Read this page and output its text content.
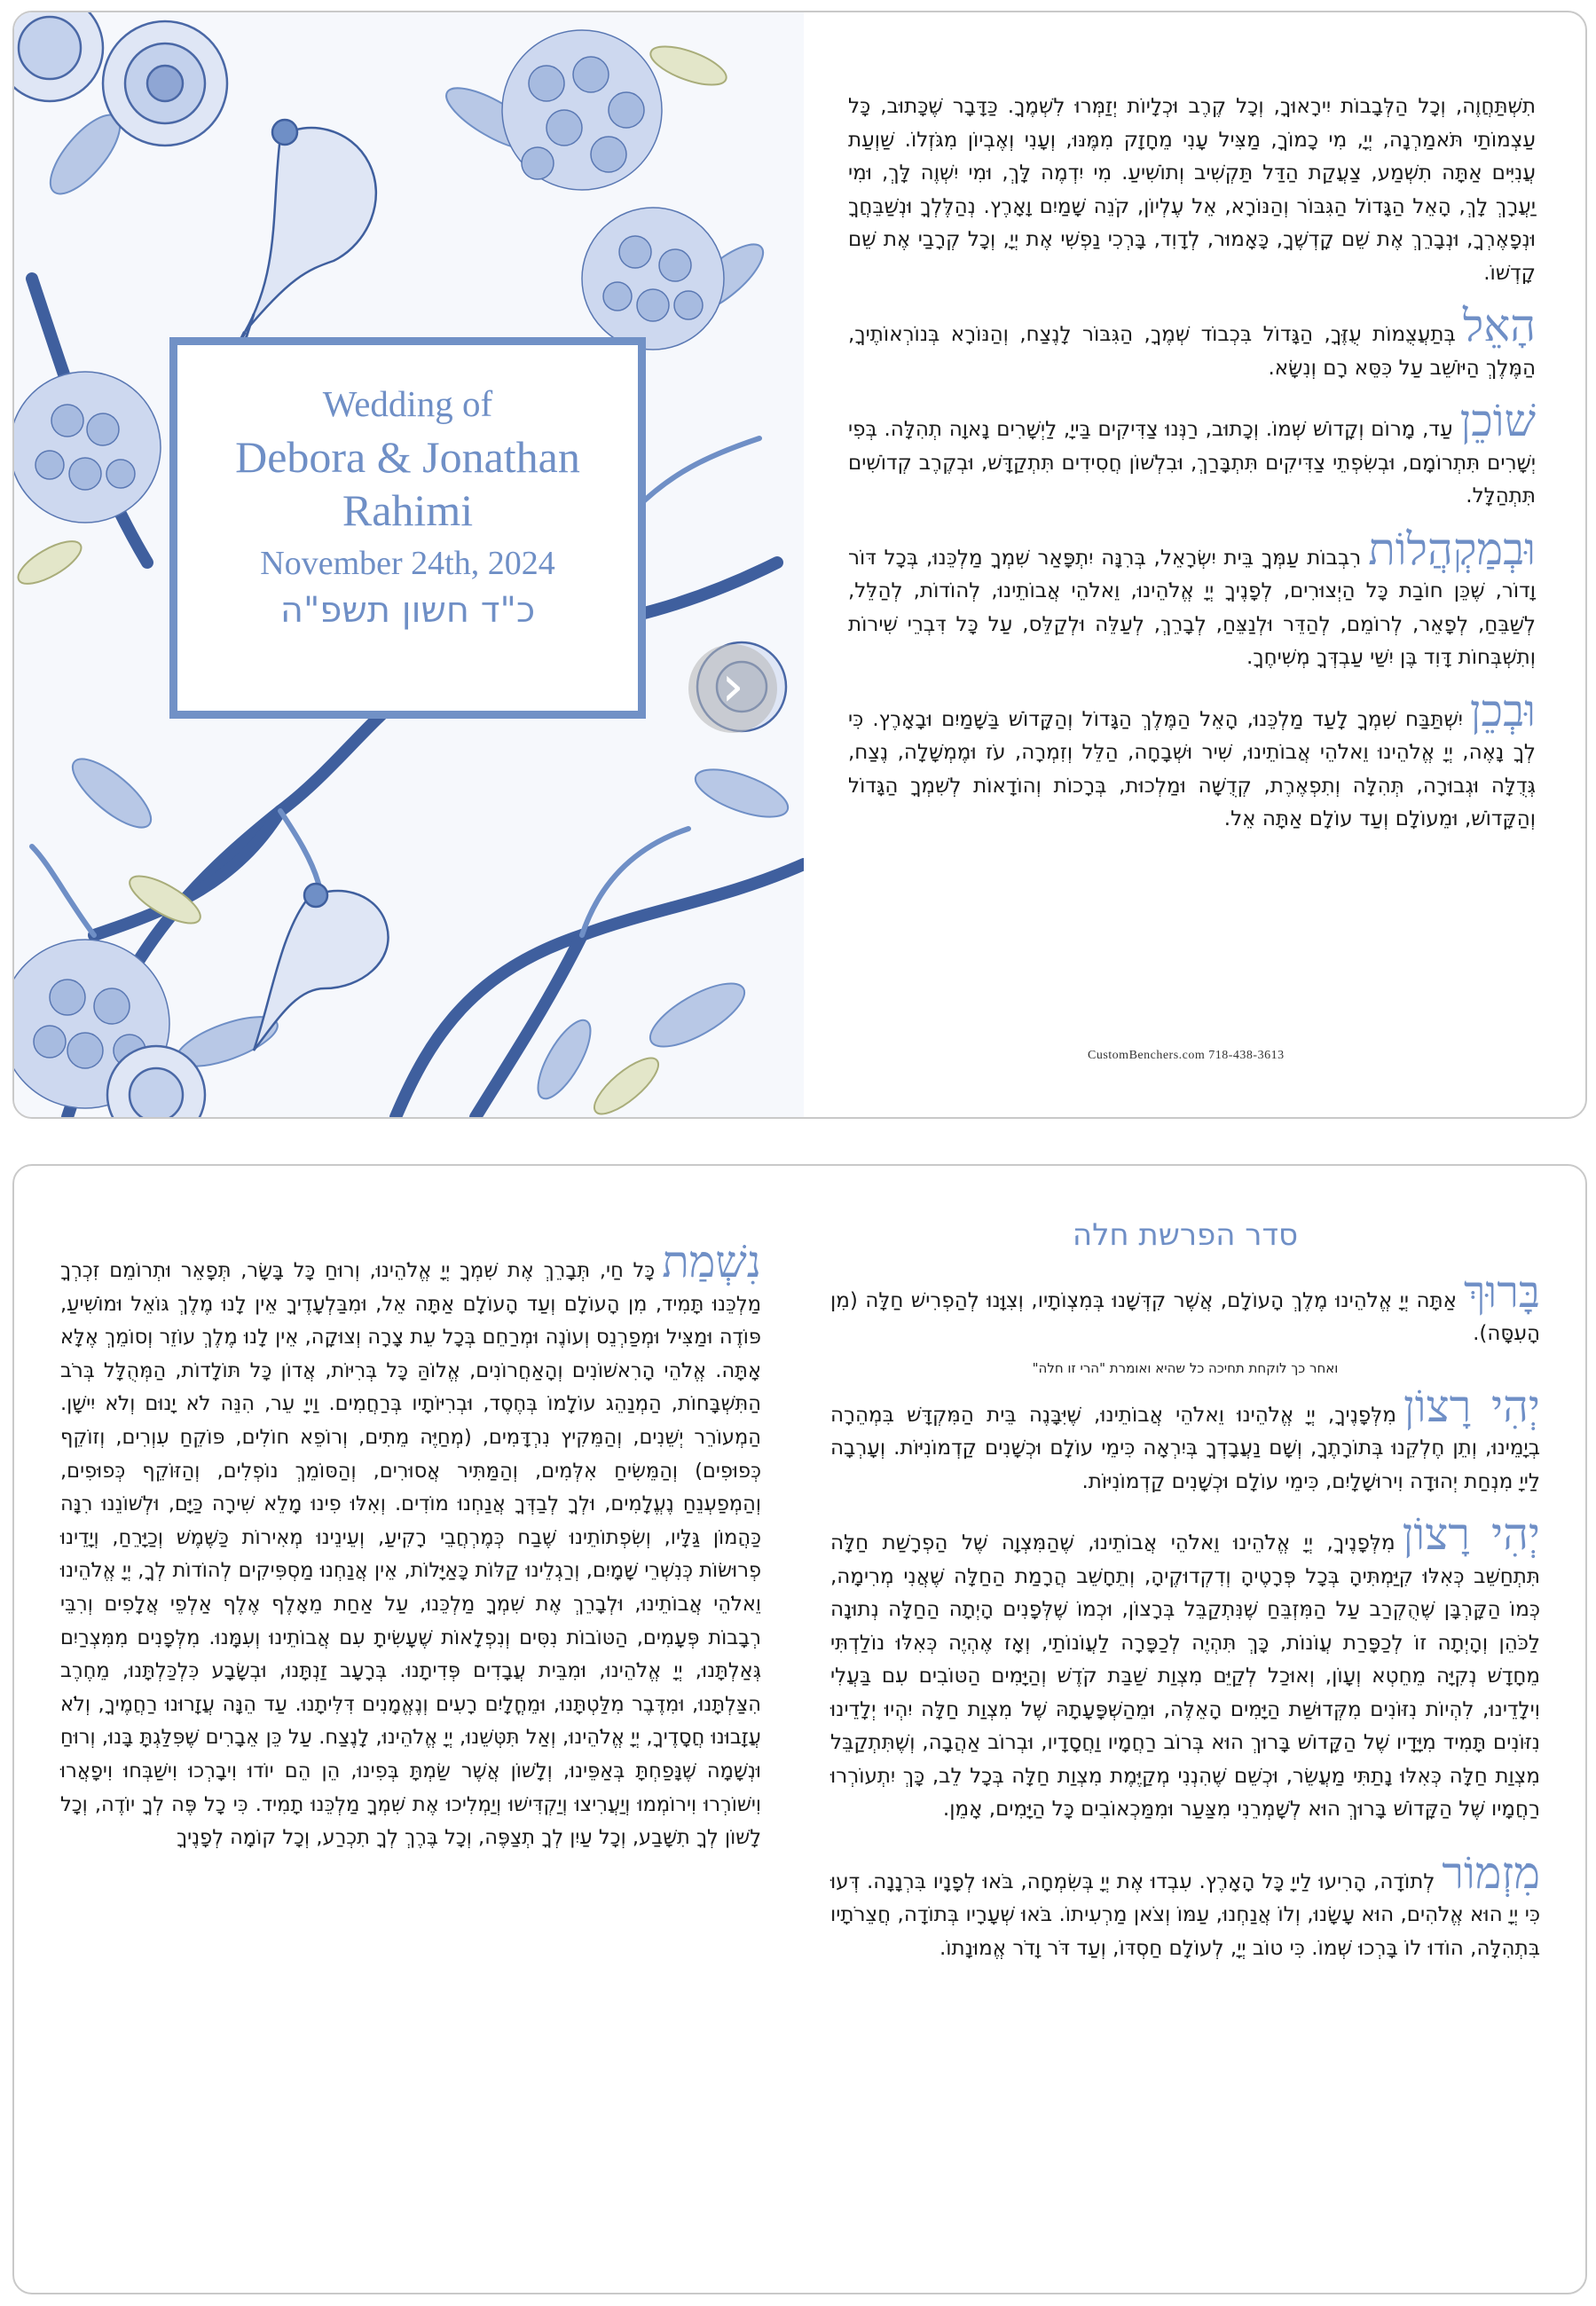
Wedding of
Debora & Jonathan
Rahimi
November 24th, 2024
כ"ד חשון תשפ"ה
›

תִשְׁתַּחֲוֶה, וְכָל הַלְּבָבוֹת יִירָאוּךָ, וְכָל קֶרֶב וּכְלָיוֹת יְזַמְּרוּ לִשְׁמֶךָ. כַּדָּבָר שֶׁכָּתוּב, כָּל עַצְמוֹתַי תֹּאמַרְנָה, יְיָ, מִי כָמוֹךָ, מַצִּיל עָנִי מֵחָזָק מִמֶּנּוּ, וְעָנִי וְאֶבְיוֹן מִגֹּזְלוֹ. שַׁוְעַת עֲנִיִּים אַתָּה תִשְׁמַע, צַעֲקַת הַדַּל תַּקְשִׁיב וְתוֹשִׁיעַ. מִי יִדְמֶה לָּךְ, וּמִי יִשְׁוֶה לָּךְ, וּמִי יַעֲרָךְ לָךְ, הָאֵל הַגָּדוֹל הַגִּבּוֹר וְהַנּוֹרָא, אֵל עֶלְיוֹן, קֹנֵה שָׁמַיִם וָאָרֶץ. נְהַלֶּלְךָ וּנְשַׁבֵּחֲךָ וּנְפָאֶרְךָ, וּנְבָרֵךְ אֶת שֵׁם קָדְשֶׁךָ, כָּאָמוּר, לְדָוִד, בָּרְכִי נַפְשִׁי אֶת יְיָ, וְכָל קְרָבַי אֶת שֵׁם קָדְשׁוֹ.

הָאֵלבְּתַעֲצֻמוֹת עֻזֶּךָ, הַגָּדוֹל בִּכְבוֹד שְׁמֶךָ, הַגִּבּוֹר לָנֶצַח, וְהַנּוֹרָא בְּנוֹרְאוֹתֶיךָ, הַמֶּלֶךְ הַיּוֹשֵׁב עַל כִּסֵּא רָם וְנִשָּׂא.

שׁוֹכֵןעַד, מָרוֹם וְקָדוֹשׁ שְׁמוֹ. וְכָתוּב, רַנְּנוּ צַדִּיקִים בַּייָ, לַיְשָׁרִים נָאוָה תְהִלָּה. בְּפִי יְשָׁרִים תִּתְרוֹמָם, וּבְשִׂפְתֵי צַדִּיקִים תִּתְבָּרַךְ, וּבִלְשׁוֹן חֲסִידִים תִּתְקַדָּשׁ, וּבְקֶרֶב קְדוֹשִׁים תִּתְהַלָּל.

וּבְמַקְהֲלוֹתרִבְבוֹת עַמְּךָ בֵּית יִשְׂרָאֵל, בְּרִנָּה יִתְפָּאַר שִׁמְךָ מַלְכֵּנוּ, בְּכָל דּוֹר וָדוֹר, שֶׁכֵּן חוֹבַת כָּל הַיְצוּרִים, לְפָנֶיךָ יְיָ אֱלֹהֵינוּ, וֵאלֹהֵי אֲבוֹתֵינוּ, לְהוֹדוֹת, לְהַלֵּל, לְשַׁבֵּחַ, לְפָאֵר, לְרוֹמֵם, לְהַדֵּר וּלְנַצֵּחַ, לְבָרֵךְ, לְעַלֵּה וּלְקַלֵּס, עַל כָּל דִּבְרֵי שִׁירוֹת וְתִשְׁבְּחוֹת דָּוִד בֶּן יִשַׁי עַבְדְּךָ מְשִׁיחֶךָ.

וּבְכֵןיִשְׁתַּבַּח שִׁמְךָ לָעַד מַלְכֵּנוּ, הָאֵל הַמֶּלֶךְ הַגָּדוֹל וְהַקָּדוֹשׁ בַּשָּׁמַיִם וּבָאָרֶץ. כִּי לְךָ נָאֶה, יְיָ אֱלֹהֵינוּ וֵאלֹהֵי אֲבוֹתֵינוּ, שִׁיר וּשְׁבָחָה, הַלֵּל וְזִמְרָה, עֹז וּמֶמְשָׁלָה, נֶצַח, גְּדֻלָּה וּגְבוּרָה, תְּהִלָּה וְתִפְאֶרֶת, קְדֻשָּׁה וּמַלְכוּת, בְּרָכוֹת וְהוֹדָאוֹת לְשִׁמְךָ הַגָּדוֹל וְהַקָּדוֹשׁ, וּמֵעוֹלָם וְעַד עוֹלָם אַתָּה אֵל.

CustomBenchers.com 718-438-3613

נִשְׁמַתכָּל חַי, תְּבָרֵךְ אֶת שִׁמְךָ יְיָ אֱלֹהֵינוּ, וְרוּחַ כָּל בָּשָׂר, תְּפָאֵר וּתְרוֹמֵם זִכְרְךָ מַלְכֵּנוּ תָּמִיד, מִן הָעוֹלָם וְעַד הָעוֹלָם אַתָּה אֵל, וּמִבַּלְעָדֶיךָ אֵין לָנוּ מֶלֶךְ גּוֹאֵל וּמוֹשִׁיעַ, פּוֹדֶה וּמַצִּיל וּמְפַרְנֵס וְעוֹנֶה וּמְרַחֵם בְּכָל עֵת צָרָה וְצוּקָה, אֵין לָנוּ מֶלֶךְ עוֹזֵר וְסוֹמֵךְ אֶלָּא אָתָּה. אֱלֹהֵי הָרִאשׁוֹנִים וְהָאַחֲרוֹנִים, אֱלוֹהַּ כָּל בְּרִיּוֹת, אֲדוֹן כָּל תּוֹלָדוֹת, הַמְּהֻלָּל בְּרֹב הַתִּשְׁבָּחוֹת, הַמְנַהֵג עוֹלָמוֹ בְּחֶסֶד, וּבְרִיּוֹתָיו בְּרַחֲמִים. וַייָ עֵר, הִנֵּה לֹא יָנוּם וְלֹא יִישָׁן. הַמְעוֹרֵר יְשֵׁנִים, וְהַמֵּקִיץ נִרְדָּמִים, (מְחַיֶּה מֵתִים, וְרוֹפֵא חוֹלִים, פּוֹקֵחַ עִוְרִים, וְזוֹקֵף כְּפוּפִים) וְהַמֵּשִׂיחַ אִלְּמִים, וְהַמַּתִּיר אֲסוּרִים, וְהַסּוֹמֵךְ נוֹפְלִים, וְהַזּוֹקֵף כְּפוּפִים, וְהַמְפַעְנֵחַ נֶעֱלָמִים, וּלְךָ לְבַדְּךָ אֲנַחְנוּ מוֹדִים. וְאִלּוּ פִינוּ מָלֵא שִׁירָה כַּיָּם, וּלְשׁוֹנֵנוּ רִנָּה כַּהֲמוֹן גַּלָּיו, וְשִׂפְתוֹתֵינוּ שֶׁבַח כְּמֶרְחֲבֵי רָקִיעַ, וְעֵינֵינוּ מְאִירוֹת כַּשֶּׁמֶשׁ וְכַיָּרֵחַ, וְיָדֵינוּ פְרוּשׂוֹת כְּנִשְׁרֵי שָׁמָיִם, וְרַגְלֵינוּ קַלּוֹת כָּאַיָּלוֹת, אֵין אֲנַחְנוּ מַסְפִּיקִים לְהוֹדוֹת לְךָ, יְיָ אֱלֹהֵינוּ וֵאלֹהֵי אֲבוֹתֵינוּ, וּלְבָרֵךְ אֶת שִׁמְךָ מַלְכֵּנוּ, עַל אַחַת מֵאָלֶף אֶלֶף אַלְפֵי אֲלָפִים וְרִבֵּי רְבָבוֹת פְּעָמִים, הַטּוֹבוֹת נִסִּים וְנִפְלָאוֹת שֶׁעָשִׂיתָ עִם אֲבוֹתֵינוּ וְעִמָּנוּ. מִלְּפָנִים מִמִּצְרַיִם גְּאַלְתָּנוּ, יְיָ אֱלֹהֵינוּ, וּמִבֵּית עֲבָדִים פְּדִיתָנוּ. בְּרָעָב זַנְתָּנוּ, וּבְשָׂבָע כִּלְכַּלְתָּנוּ, מֵחֶרֶב הִצַּלְתָּנוּ, וּמִדֶּבֶר מִלַּטְתָּנוּ, וּמֵחֳלָיִם רָעִים וְנֶאֱמָנִים דִּלִּיתָנוּ. עַד הֵנָּה עֲזָרוּנוּ רַחֲמֶיךָ, וְלֹא עֲזָבוּנוּ חֲסָדֶיךָ, יְיָ אֱלֹהֵינוּ, וְאַל תִּטְּשֵׁנוּ, יְיָ אֱלֹהֵינוּ, לָנֶצַח. עַל כֵּן אֵבָרִים שֶׁפִּלַּגְתָּ בָּנוּ, וְרוּחַ וּנְשָׁמָה שֶׁנָּפַחְתָּ בְּאַפֵּינוּ, וְלָשׁוֹן אֲשֶׁר שַׂמְתָּ בְּפִינוּ, הֵן הֵם יוֹדוּ וִיבָרְכוּ וִישַׁבְּחוּ וִיפָאֲרוּ וִישׁוֹרְרוּ וִירוֹמְמוּ וְיַעֲרִיצוּ וְיַקְדִּישׁוּ וְיַמְלִיכוּ אֶת שִׁמְךָ מַלְכֵּנוּ תָמִיד. כִּי כָל פֶּה לְךָ יוֹדֶה, וְכָל לָשׁוֹן לְךָ תִשָּׁבַע, וְכָל עַיִן לְךָ תְצַפֶּה, וְכָל בֶּרֶךְ לְךָ תִכְרַע, וְכָל קוֹמָה לְפָנֶיךָ

סדר הפרשת חלה

בָּרוּךְאַתָּה יְיָ אֱלֹהֵינוּ מֶלֶךְ הָעוֹלָם, אֲשֶׁר קִדְּשָׁנוּ בְּמִצְוֹתָיו, וְצִוָּנוּ לְהַפְרִישׁ חַלָּה (מִן הָעִסָּה).

ואחר כך לוקחת תחיכה כל שהיא ואומרת "הרי זו חלה"

יְהִי רָצוֹןמִלְּפָנֶיךָ, יְיָ אֱלֹהֵינוּ וֵאלֹהֵי אֲבוֹתֵינוּ, שֶׁיִּבָּנֶה בֵּית הַמִּקְדָּשׁ בִּמְהֵרָה בְיָמֵינוּ, וְתֵן חֶלְקֵנוּ בְּתוֹרָתֶךָ, וְשָׁם נַעֲבָדְךָ בְּיִרְאָה כִּימֵי עוֹלָם וּכְשָׁנִים קַדְמוֹנִיּוֹת. וְעָרְבָה לַייָ מִנְחַת יְהוּדָה וִירוּשָׁלָיִם, כִּימֵי עוֹלָם וּכְשָׁנִים קַדְמוֹנִיּוֹת.

יְהִי רָצוֹןמִלְּפָנֶיךָ, יְיָ אֱלֹהֵינוּ וֵאלֹהֵי אֲבוֹתֵינוּ, שֶׁהַמִּצְוָה שֶׁל הַפְרָשַׁת חַלָּה תִּתְחַשֵּׁב כְּאִלּוּ קִיַּמְתִּיהָ בְּכָל פְּרָטֶיהָ וְדִקְדוּקֶיהָ, וְתֵחָשֵׁב הֲרָמַת הַחַלָּה שֶׁאֲנִי מְרִימָה, כְּמוֹ הַקָּרְבָּן שֶׁהֻקְרַב עַל הַמִּזְבֵּחַ שֶׁנִּתְקַבֵּל בְּרָצוֹן, וּכְמוֹ שֶׁלְּפָנִים הָיְתָה הַחַלָּה נְתוּנָה לַכֹּהֵן וְהָיְתָה זוֹ לְכַפָּרַת עֲוֹנוֹת, כָּךְ תִּהְיֶה לְכַפָּרָה לַעֲוֹנוֹתַי, וְאָז אֶהְיֶה כְּאִלּוּ נוֹלַדְתִּי מֵחָדָשׁ נְקִיָּה מֵחֵטְא וְעָוֹן, וְאוּכַל לְקַיֵּם מִצְוַת שַׁבַּת קֹדֶשׁ וְהַיָּמִים הַטּוֹבִים עִם בַּעֲלִי וִילָדֵינוּ, לִהְיוֹת נִזּוֹנִים מִקְּדוּשַּׁת הַיָּמִים הָאֵלֶּה, וּמֵהַשְׁפָּעָתָהּ שֶׁל מִצְוַת חַלָּה יִהְיוּ יְלָדֵינוּ נִזּוֹנִים תָּמִיד מִיָּדָיו שֶׁל הַקָּדוֹשׁ בָּרוּךְ הוּא בְּרוֹב רַחֲמָיו וַחֲסָדָיו, וּבְרוֹב אַהֲבָה, וְשֶׁתִּתְקַבֵּל מִצְוַת חַלָּה כְּאִלּוּ נָתַתִּי מַעֲשֵׂר, וּכְשֵׁם שֶׁהִנְנִי מְקַיֶּמֶת מִצְוַת חַלָּה בְּכָל לֵב, כָּךְ יִתְעוֹרְרוּ רַחֲמָיו שֶׁל הַקָּדוֹשׁ בָּרוּךְ הוּא לְשָׁמְרֵנִי מִצַּעַר וּמִמַּכְאוֹבִים כָּל הַיָּמִים, אָמֵן.

מִזְמוֹרלְתוֹדָה, הָרִיעוּ לַייָ כָּל הָאָרֶץ. עִבְדוּ אֶת יְיָ בְּשִׂמְחָה, בֹּאוּ לְפָנָיו בִּרְנָנָה. דְּעוּ כִּי יְיָ הוּא אֱלֹהִים, הוּא עָשָׂנוּ, וְלוֹ אֲנַחְנוּ, עַמּוֹ וְצֹאן מַרְעִיתוֹ. בֹּאוּ שְׁעָרָיו בְּתוֹדָה, חֲצֵרֹתָיו בִּתְהִלָּה, הוֹדוּ לוֹ בָּרְכוּ שְׁמוֹ. כִּי טוֹב יְיָ, לְעוֹלָם חַסְדּוֹ, וְעַד דֹּר וָדֹר אֱמוּנָתוֹ.
